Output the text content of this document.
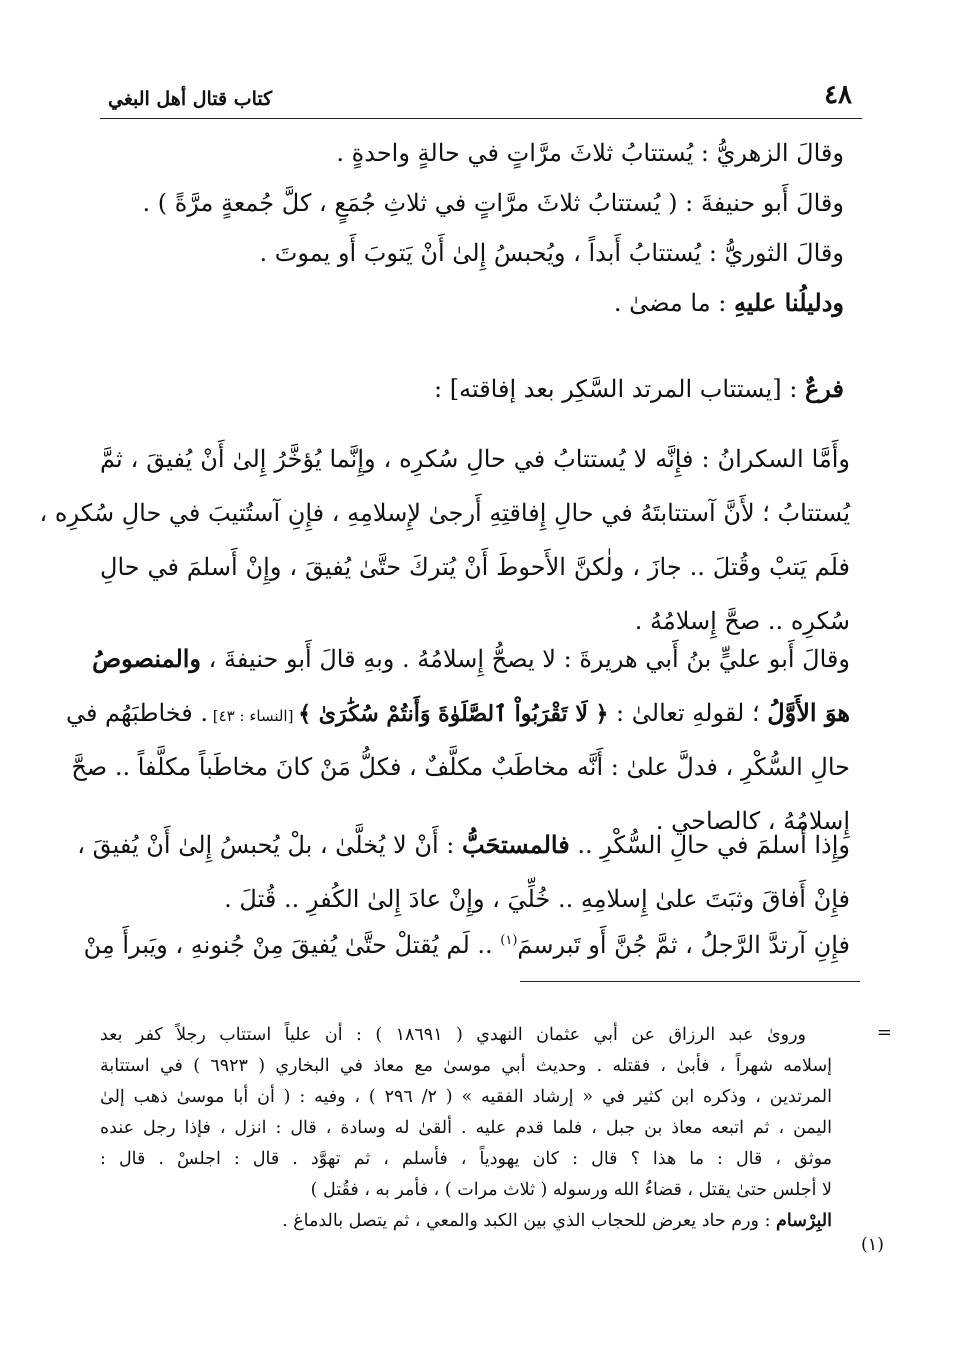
٤٨
كتاب قتال أهل البغي
وقالَ الزهريُّ : يُستتابُ ثلاثَ مرَّاتٍ في حالةٍ واحدةٍ .
وقالَ أَبو حنيفةَ : ( يُستتابُ ثلاثَ مرَّاتٍ في ثلاثِ جُمَعٍ ، كلَّ جُمعةٍ مرَّةً ) .
وقالَ الثوريُّ : يُستتابُ أَبداً ، ويُحبسُ إِلىٰ أَنْ يَتوبَ أَو يموتَ .
ودليلُنا عليهِ : ما مضىٰ .
فرعٌ : [يستتاب المرتد السَّكِر بعد إفاقته] :
وأَمَّا السكرانُ : فإِنَّه لا يُستتابُ في حالِ سُكرِه ، وإِنَّما يُؤخَّرُ إِلىٰ أَنْ يُفيقَ ، ثمَّ
يُستتابُ ؛ لأَنَّ آستتابتَهُ في حالِ إِفاقتِهِ أَرجىٰ لإِسلامِهِ ، فإِنِ آستُتيبَ في حالِ سُكرِه ،
فلَم يَتبْ وقُتلَ .. جازَ ، ولٰكنَّ الأَحوطَ أَنْ يُتركَ حتَّىٰ يُفيقَ ، وإِنْ أَسلمَ في حالِ
سُكرِه .. صحَّ إِسلامُهُ .
وقالَ أَبو عليٍّ بنُ أَبي هريرةَ : لا يصحُّ إِسلامُهُ . وبهِ قالَ أَبو حنيفةَ ، والمنصوصُ
هوَ الأَوَّلُ ؛ لقولهِ تعالىٰ : ﴿ لَا تَقْرَبُواْ ٱلصَّلَوٰةَ وَأَنتُمْ سُكَٰرَىٰ ﴾ [النساء : ٤٣] . فخاطبَهُم في
حالِ السُّكْرِ ، فدلَّ علىٰ : أَنَّه مخاطَبٌ مكلَّفٌ ، فكلُّ مَنْ كانَ مخاطَباً مكلَّفاً .. صحَّ
إِسلامُهُ ، كالصاحي .
وإِذا أَسلمَ في حالِ السُّكْرِ .. فالمستحَبُّ : أَنْ لا يُخلَّىٰ ، بلْ يُحبسُ إِلىٰ أَنْ يُفيقَ ،
فإِنْ أَفاقَ وثبَتَ علىٰ إِسلامِهِ .. خُلِّيَ ، وإِنْ عادَ إِلىٰ الكُفرِ .. قُتلَ .
فإِنِ آرتدَّ الرَّجلُ ، ثمَّ جُنَّ أَو تَبرسمَ$^{(١)}$ .. لَم يُقتلْ حتَّىٰ يُفيقَ مِنْ جُنونهِ ، ويَبرأَ مِنْ
=
وروىٰ عبد الرزاق عن أبي عثمان النهدي ( ١٨٦٩١ ) : أن علياً استتاب رجلاً كفر بعد
إسلامه شهراً ، فأبىٰ ، فقتله . وحديث أبي موسىٰ مع معاذ في البخاري ( ٦٩٢٣ ) في استتابة
المرتدين ، وذكره ابن كثير في « إرشاد الفقيه » ( ٢/ ٢٩٦ ) ، وفيه : ( أن أبا موسىٰ ذهب إلىٰ
اليمن ، ثم اتبعه معاذ بن جبل ، فلما قدم عليه . ألقىٰ له وسادة ، قال : انزل ، فإذا رجل عنده
موثق ، قال : ما هذا ؟ قال : كان يهودياً ، فأسلم ، ثم تهوَّد . قال : اجلسْ . قال :
لا أجلس حتىٰ يقتل ، قضاءُ الله ورسوله ( ثلاث مرات ) ، فأمر به ، فقُتل )
البِرْسام : ورم حاد يعرض للحجاب الذي بين الكبد والمعي ، ثم يتصل بالدماغ .
(١)
